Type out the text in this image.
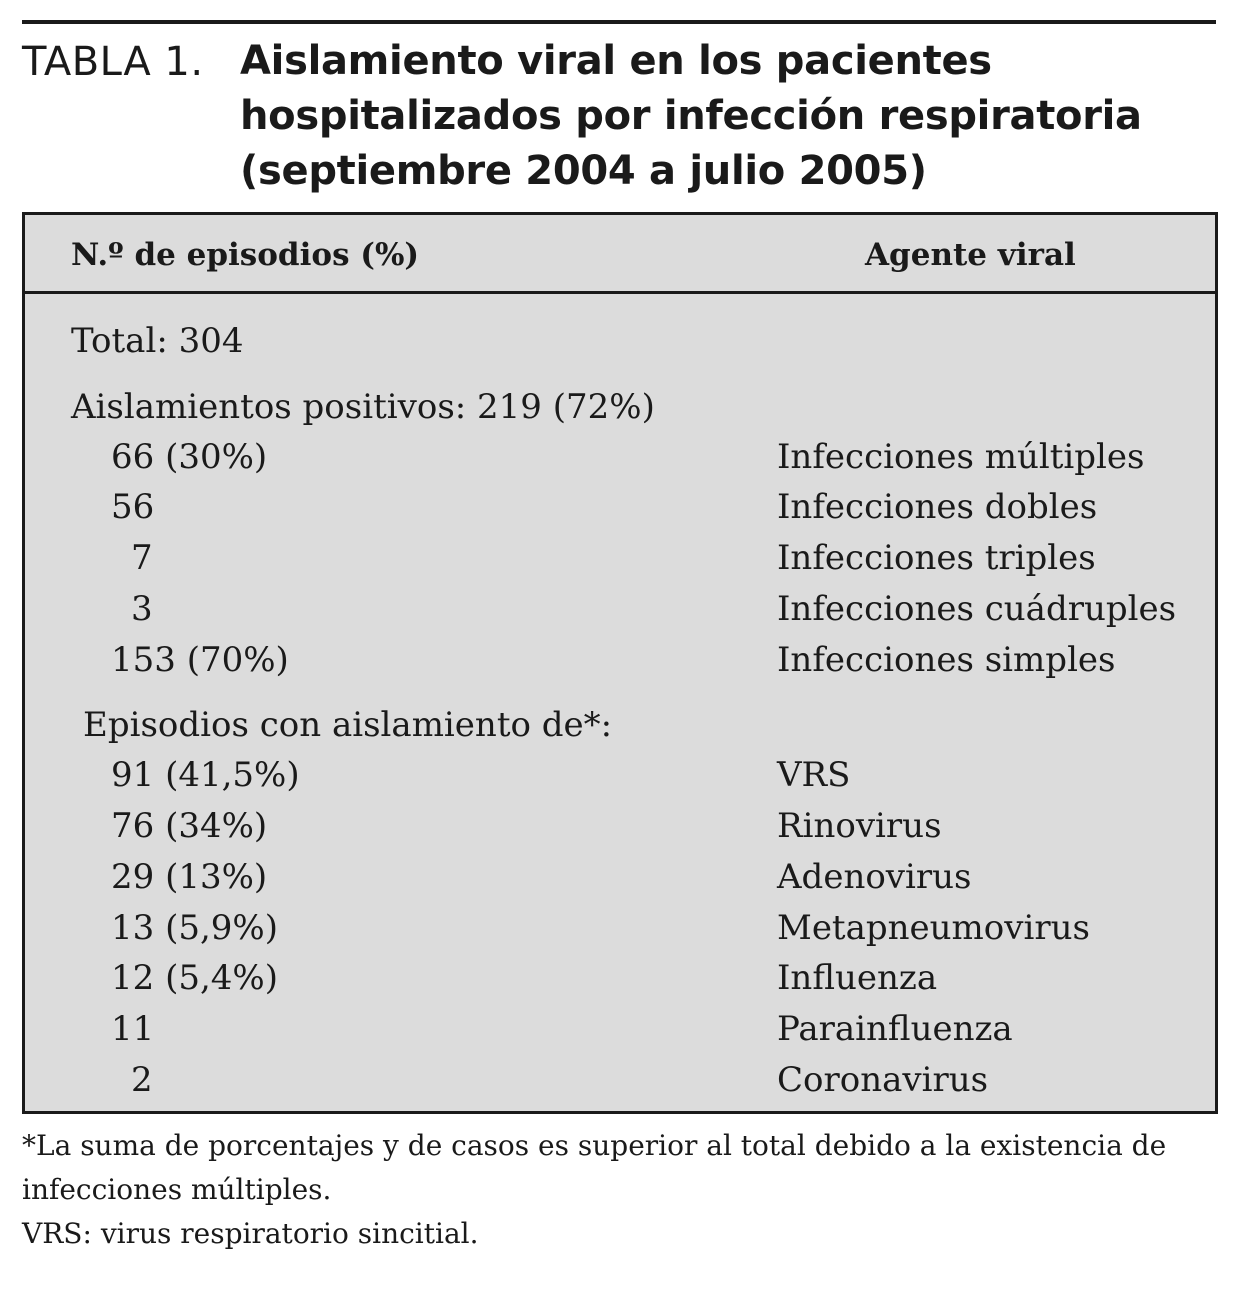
TABLA 1. Aislamiento viral en los pacientes
hospitalizados por infección respiratoria
(septiembre 2004 a julio 2005)
N.º de episodios (%)	Agente viral
Total: 304
Aislamientos positivos: 219 (72%)
66 (30%)	Infecciones múltiples
56	Infecciones dobles
7	Infecciones triples
3	Infecciones cuádruples
153 (70%)	Infecciones simples
Episodios con aislamiento de*:
91 (41,5%)	VRS
76 (34%)	Rinovirus
29 (13%)	Adenovirus
13 (5,9%)	Metapneumovirus
12 (5,4%)	Influenza
11	Parainfluenza
2	Coronavirus
*La suma de porcentajes y de casos es superior al total debido a la existencia de
infecciones múltiples.
VRS: virus respiratorio sincitial.
